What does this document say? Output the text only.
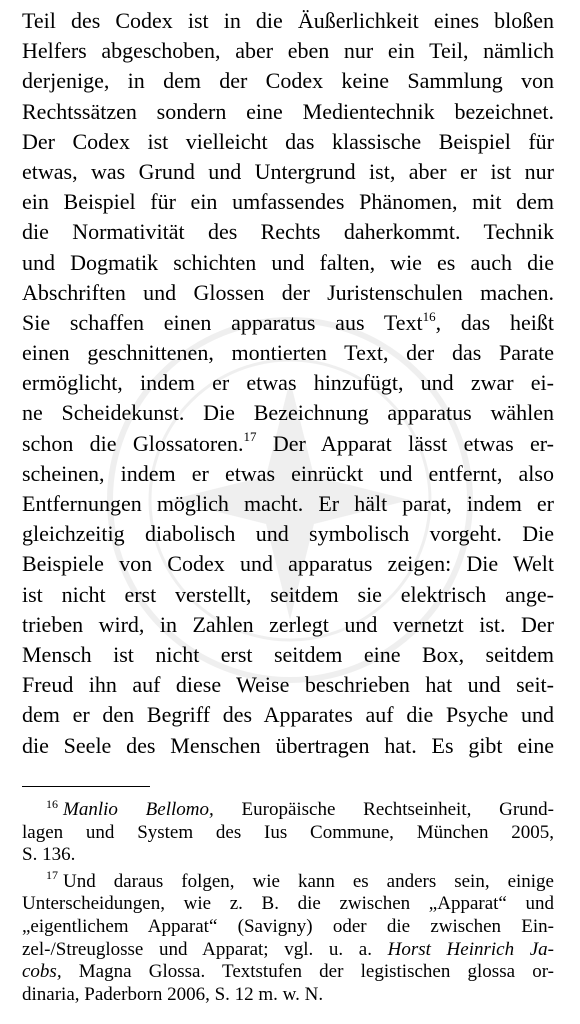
Teil des Codex ist in die Äußerlichkeit eines bloßen
Helfers abgeschoben, aber eben nur ein Teil, nämlich
derjenige, in dem der Codex keine Sammlung von
Rechtssätzen sondern eine Medientechnik bezeichnet.
Der Codex ist vielleicht das klassische Beispiel für
etwas, was Grund und Untergrund ist, aber er ist nur
ein Beispiel für ein umfassendes Phänomen, mit dem
die Normativität des Rechts daherkommt. Technik
und Dogmatik schichten und falten, wie es auch die
Abschriften und Glossen der Juristenschulen machen.
Sie schaffen einen apparatus aus Text$^{16}$, das heißt
einen geschnittenen, montierten Text, der das Parate
ermöglicht, indem er etwas hinzufügt, und zwar ei-
ne Scheidekunst. Die Bezeichnung apparatus wählen
schon die Glossatoren.$^{17}$ Der Apparat lässt etwas er-
scheinen, indem er etwas einrückt und entfernt, also
Entfernungen möglich macht. Er hält parat, indem er
gleichzeitig diabolisch und symbolisch vorgeht. Die
Beispiele von Codex und apparatus zeigen: Die Welt
ist nicht erst verstellt, seitdem sie elektrisch ange-
trieben wird, in Zahlen zerlegt und vernetzt ist. Der
Mensch ist nicht erst seitdem eine Box, seitdem
Freud ihn auf diese Weise beschrieben hat und seit-
dem er den Begriff des Apparates auf die Psyche und
die Seele des Menschen übertragen hat. Es gibt eine
$^{16}$ Manlio Bellomo, Europäische Rechtseinheit, Grund-
lagen und System des Ius Commune, München 2005,
S. 136.
$^{17}$ Und daraus folgen, wie kann es anders sein, einige
Unterscheidungen, wie z. B. die zwischen „Apparat“ und
„eigentlichem Apparat“ (Savigny) oder die zwischen Ein-
zel-/Streuglosse und Apparat; vgl. u. a. Horst Heinrich Ja-
cobs, Magna Glossa. Textstufen der legistischen glossa or-
dinaria, Paderborn 2006, S. 12 m. w. N.
